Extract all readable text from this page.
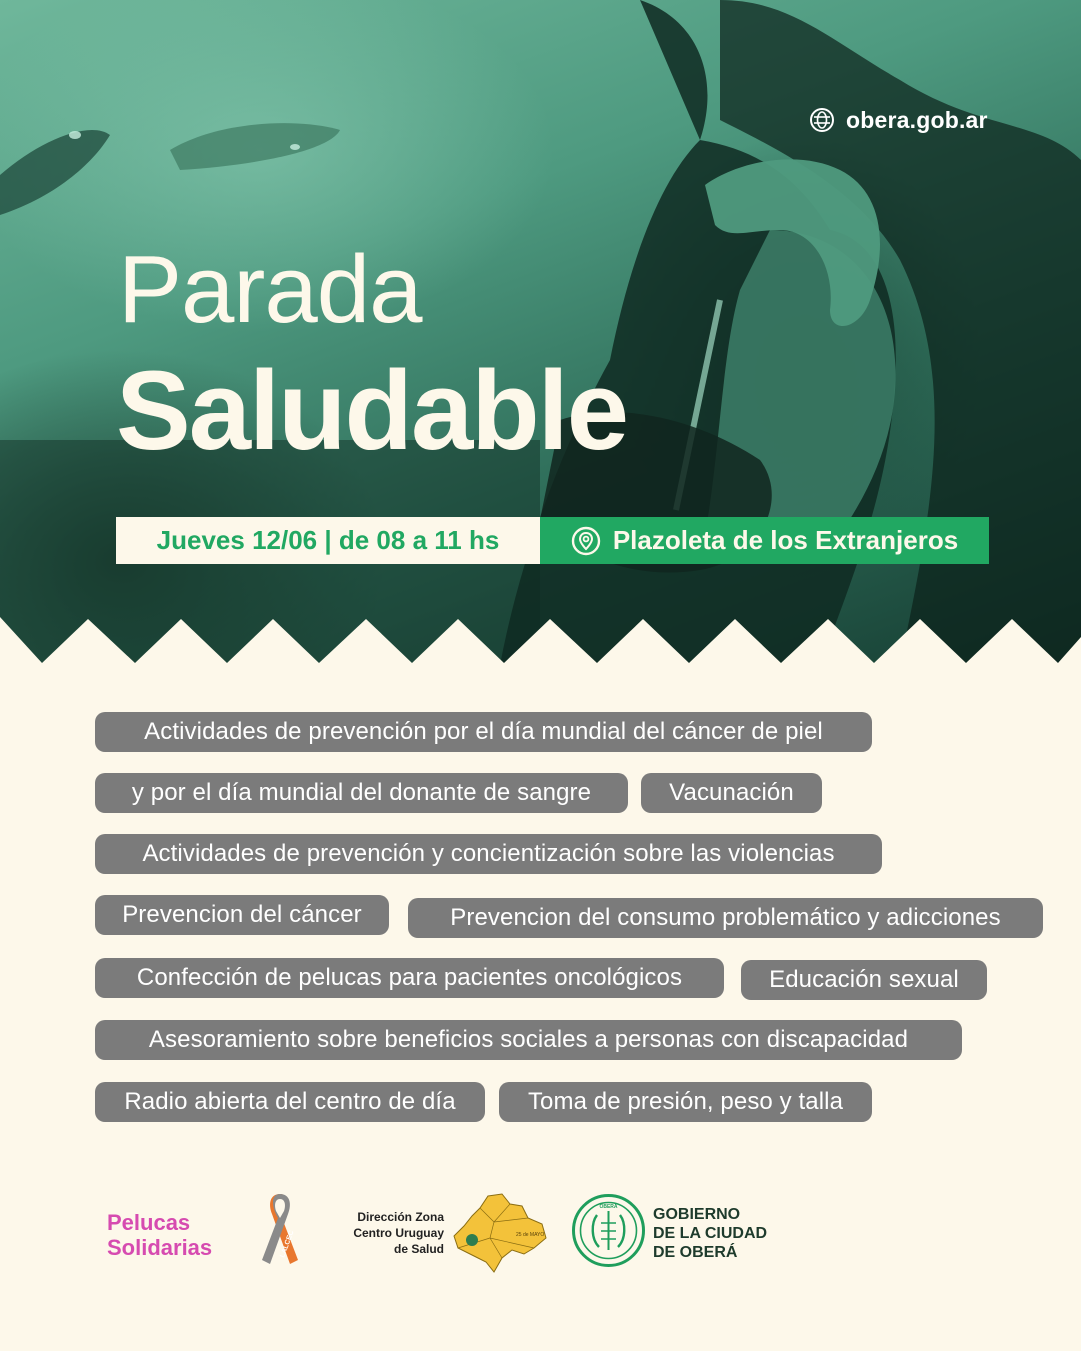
obera.gob.ar
Parada
Saludable
Jueves 12/06 | de 08 a 11 hs	Plazoleta de los Extranjeros
Actividades de prevención por el día mundial del cáncer de piel
y por el día mundial del donante de sangre	Vacunación
Actividades de prevención y concientización sobre las violencias
Prevencion del cáncer	Prevencion del consumo problemático y adicciones
Confección de pelucas para pacientes oncológicos	Educación sexual
Asesoramiento sobre beneficios sociales a personas con discapacidad
Radio abierta del centro de día	Toma de presión, peso y talla
Pelucas
Solidarias	LALCEC
Dirección Zona
Centro Uruguay
de Salud
25 de MAYO
OBERÁ GOBIERNO
DE LA CIUDAD
DE OBERÁ
